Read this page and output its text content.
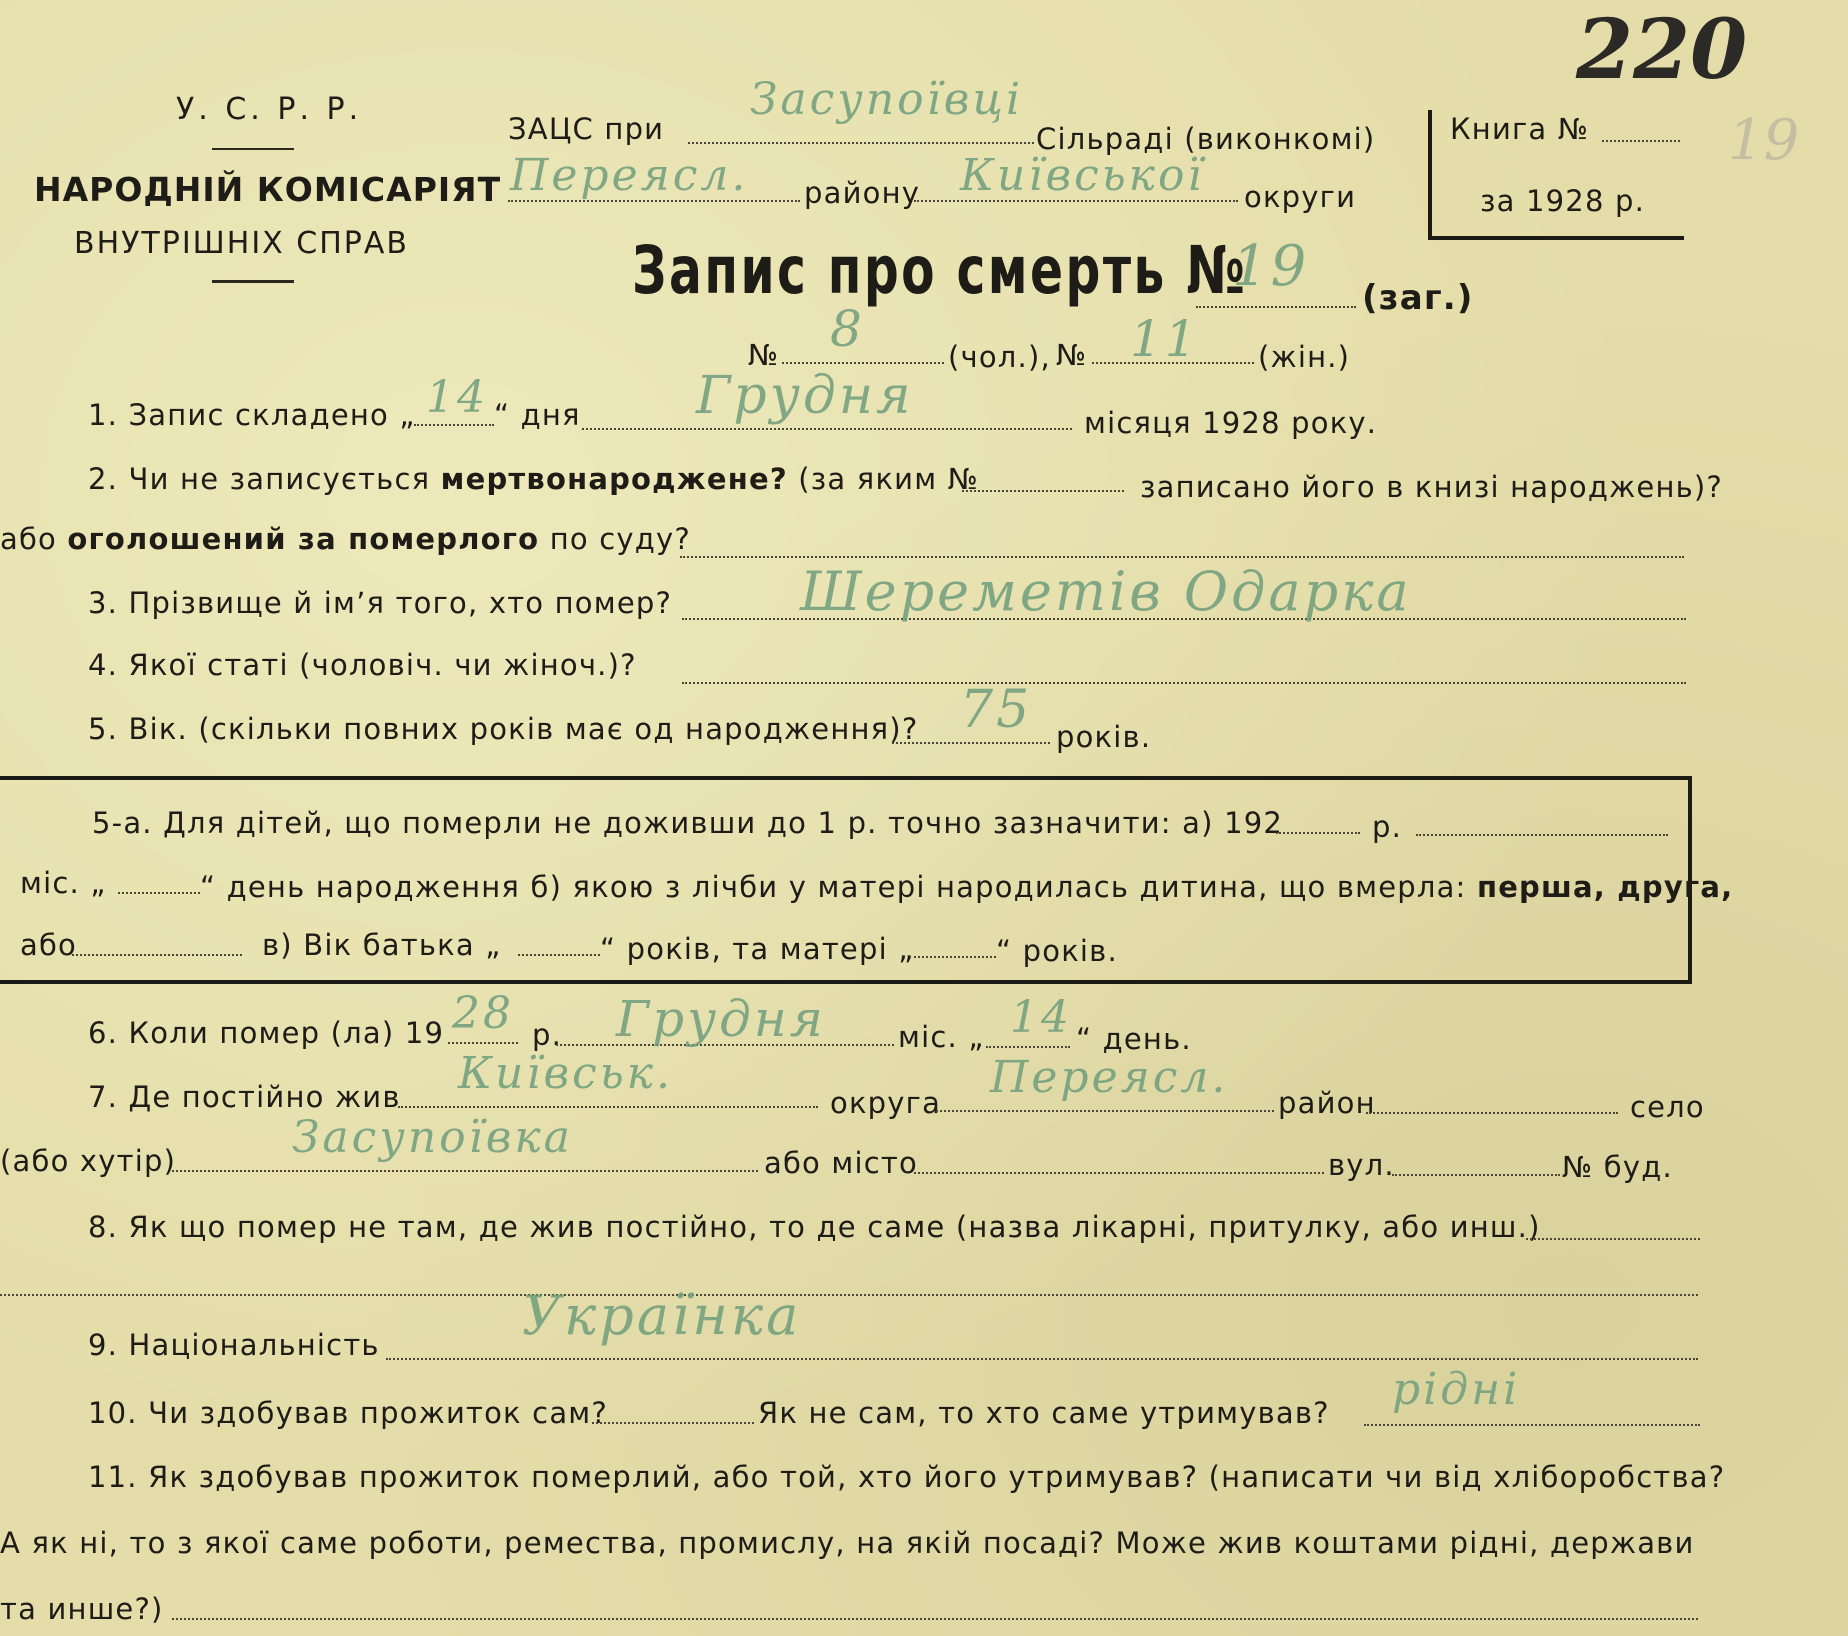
У. С. Р. Р.
НАРОДНІЙ КОМІСАРІЯТ
ВНУТРІШНІХ СПРАВ
ЗАЦС при
Засупоївці
Сільраді (виконкомі)
Переясл. району Київської округи
Книга №
за 1928 р.
19
220
Запис про смерть №
19 (заг.)
№ 8	(чол.), № 11 (жін.)
1. Запис складено „ 14 “ дня Грудня	місяця 1928 року.
2. Чи не записується мертвонароджене? (за яким №	записано його в книзі народжень)?
або оголошений за померлого по суду?
3. Прізвище й ім’я того, хто помер? Шереметів Одарка
4. Якої статі (чоловіч. чи жіноч.)?
5. Вік. (скільки повних років має од народження)? 75 років.
5-а. Для дітей, що померли не доживши до 1 р. точно зазначити: а) 192	р.
міс. „	“ день народження б) якою з лічби у матері народилась дитина, що вмерла: перша, друга,
або	в) Вік батька „	“ років, та матері „	“ років.
6. Коли помер (ла) 19 28 р. Грудня міс. „ 14 “ день.
7. Де постійно жив Київськ.
округа Переясл. район	село
(або хутір)	Засупоївка	або місто	вул.	№ буд.
8. Як що помер не там, де жив постійно, то де саме (назва лікарні, притулку, або инш.)
9. Національність	Українка
10. Чи здобував прожиток сам?	Як не сам, то хто саме утримував? рідні
11. Як здобував прожиток померлий, або той, хто його утримував? (написати чи від хліборобства?
А як ні, то з якої саме роботи, ремества, промислу, на якій посаді? Може жив коштами рідні, держави
та инше?)
